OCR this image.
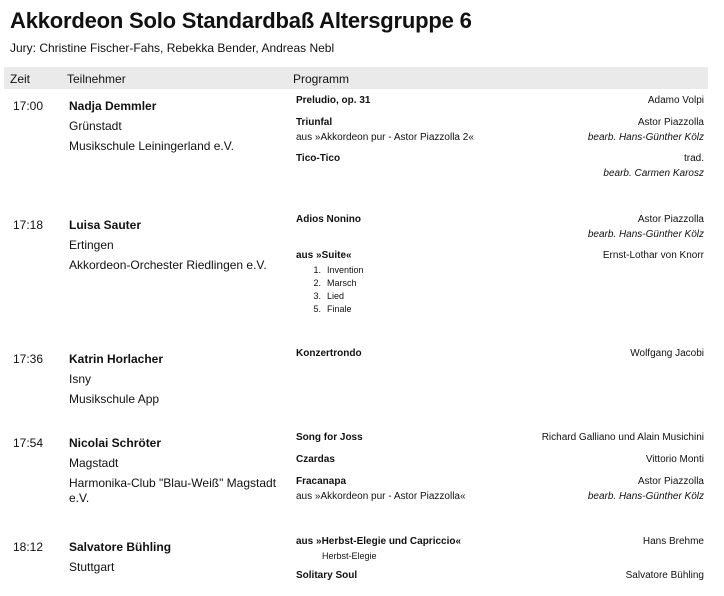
Akkordeon Solo Standardbaß Altersgruppe 6
Jury: Christine Fischer-Fahs, Rebekka Bender, Andreas Nebl
Zeit	Teilnehmer	Programm
17:00 Nadja Demmler
Grünstadt
Musikschule Leiningerland e.V.
Preludio, op. 31	Adamo Volpi
Triunfal	Astor Piazzolla
aus »Akkordeon pur - Astor Piazzolla 2«	bearb. Hans-Günther Kölz
Tico-Tico	trad.
bearb. Carmen Karosz
17:18 Luisa Sauter
Ertingen
Akkordeon-Orchester Riedlingen e.V.
Adios Nonino	Astor Piazzolla
bearb. Hans-Günther Kölz
aus »Suite«	Ernst-Lothar von Knorr
1. Invention
2. Marsch
3. Lied
5. Finale
17:36 Katrin Horlacher
Isny
Musikschule App
Konzertrondo	Wolfgang Jacobi
17:54 Nicolai Schröter
Magstadt
Harmonika-Club "Blau-Weiß" Magstadt e.V.
Song for Joss	Richard Galliano und Alain Musichini
Czardas	Vittorio Monti
Fracanapa	Astor Piazzolla
aus »Akkordeon pur - Astor Piazzolla«	bearb. Hans-Günther Kölz
18:12 Salvatore Bühling
Stuttgart
aus »Herbst-Elegie und Capriccio«	Hans Brehme
Herbst-Elegie
Solitary Soul	Salvatore Bühling
